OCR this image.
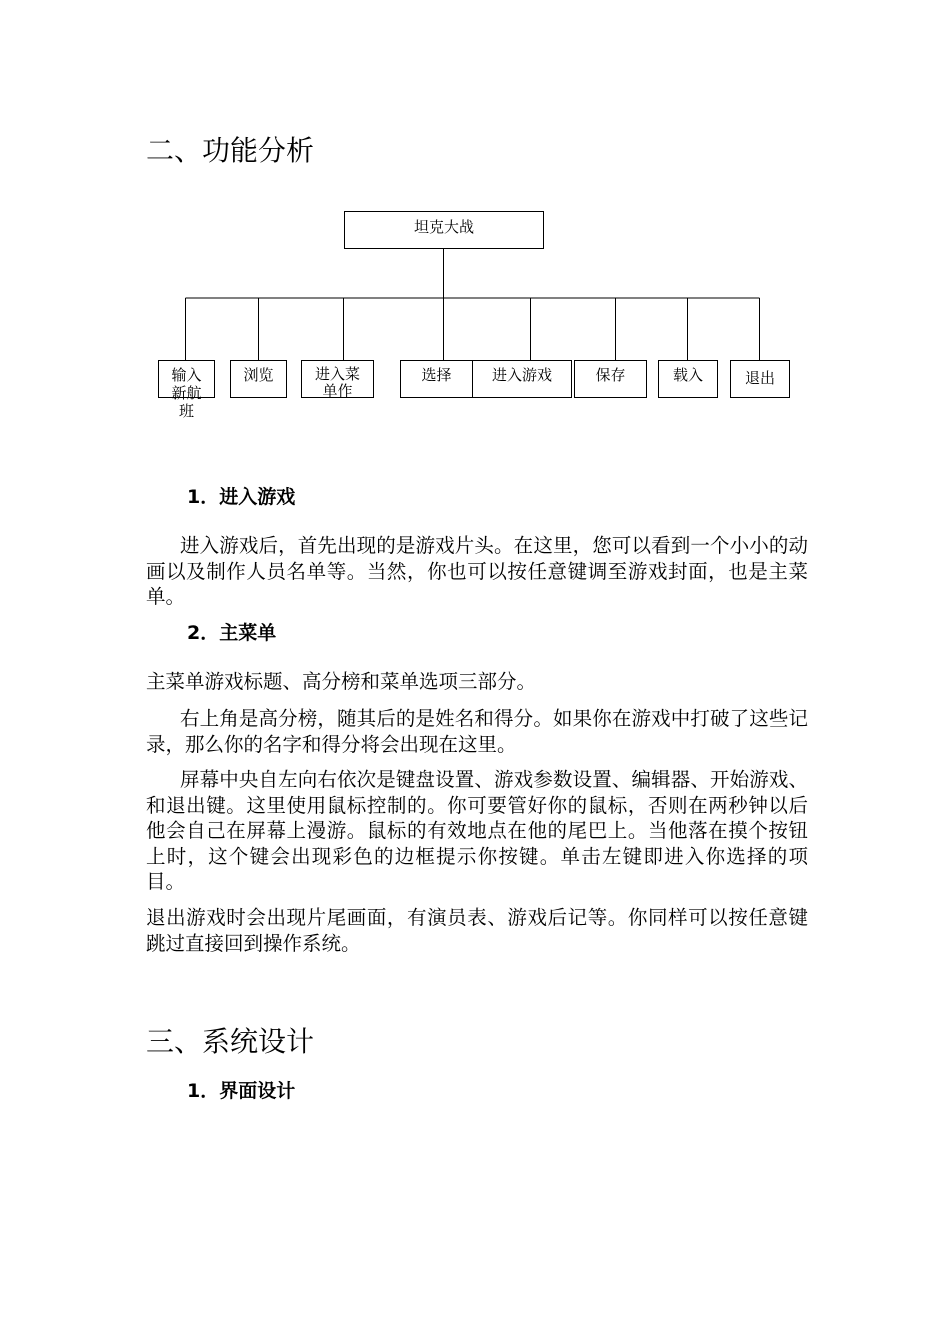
二、功能分析
坦克大战
输入
新航
班
浏览	进入菜
单作
选择	进入游戏	保存	载入	退出
1．进入游戏

进入游戏后，首先出现的是游戏片头。在这里，您可以看到一个小小的动画以及制作人员名单等。当然，你也可以按任意键调至游戏封面，也是主菜单。

2．主菜单

主菜单游戏标题、高分榜和菜单选项三部分。

右上角是高分榜，随其后的是姓名和得分。如果你在游戏中打破了这些记录，那么你的名字和得分将会出现在这里。

屏幕中央自左向右依次是键盘设置、游戏参数设置、编辑器、开始游戏、和退出键。这里使用鼠标控制的。你可要管好你的鼠标，否则在两秒钟以后他会自己在屏幕上漫游。鼠标的有效地点在他的尾巴上。当他落在摸个按钮上时，这个键会出现彩色的边框提示你按键。单击左键即进入你选择的项目。

退出游戏时会出现片尾画面，有演员表、游戏后记等。你同样可以按任意键跳过直接回到操作系统。

三、系统设计
1．界面设计
